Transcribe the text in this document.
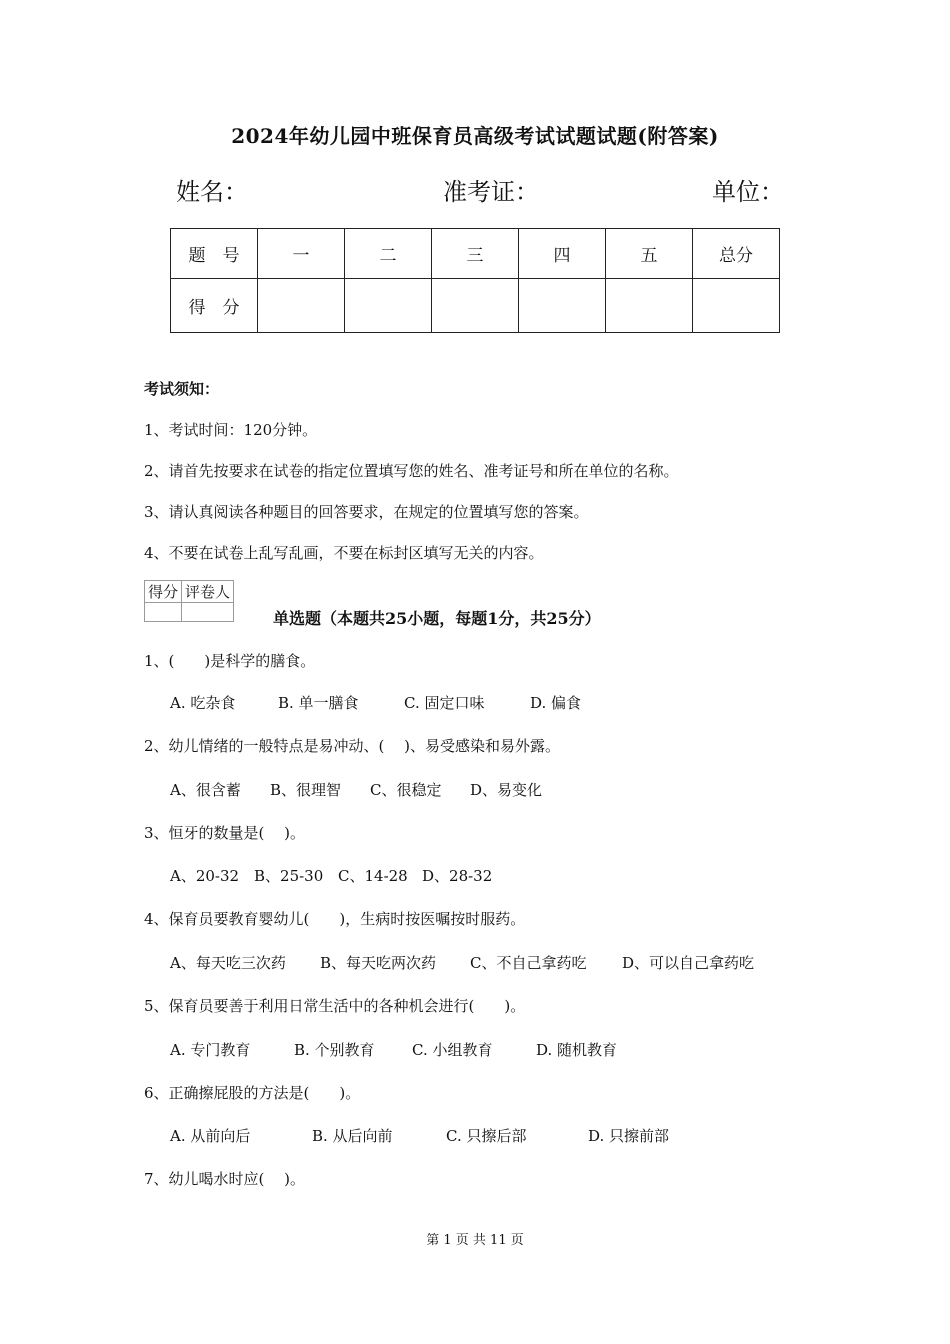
2024年幼儿园中班保育员高级考试试题试题(附答案)
姓名：	准考证：	单位：
题　号	一	二	三	四	五	总分
得　分						
考试须知：
1、考试时间：120分钟。
2、请首先按要求在试卷的指定位置填写您的姓名、准考证号和所在单位的名称。
3、请认真阅读各种题目的回答要求，在规定的位置填写您的答案。
4、不要在试卷上乱写乱画，不要在标封区填写无关的内容。
得分	评卷人

单选题（本题共25小题，每题1分，共25分）
1、(　　)是科学的膳食。
A. 吃杂食	B. 单一膳食	C. 固定口味	D. 偏食
2、幼儿情绪的一般特点是易冲动、(　 )、易受感染和易外露。
A、很含蓄 B、很理智 C、很稳定 D、易变化
3、恒牙的数量是(　 )。
A、20-32 B、25-30 C、14-28 D、28-32
4、保育员要教育婴幼儿(　　)，生病时按医嘱按时服药。
A、每天吃三次药 B、每天吃两次药 C、不自己拿药吃 D、可以自己拿药吃
5、保育员要善于利用日常生活中的各种机会进行(　　)。
A. 专门教育	B. 个别教育 C. 小组教育	D. 随机教育
6、正确擦屁股的方法是(　　)。
A. 从前向后	B. 从后向前	C. 只擦后部	D. 只擦前部
7、幼儿喝水时应(　 )。
第 1 页 共 11 页
